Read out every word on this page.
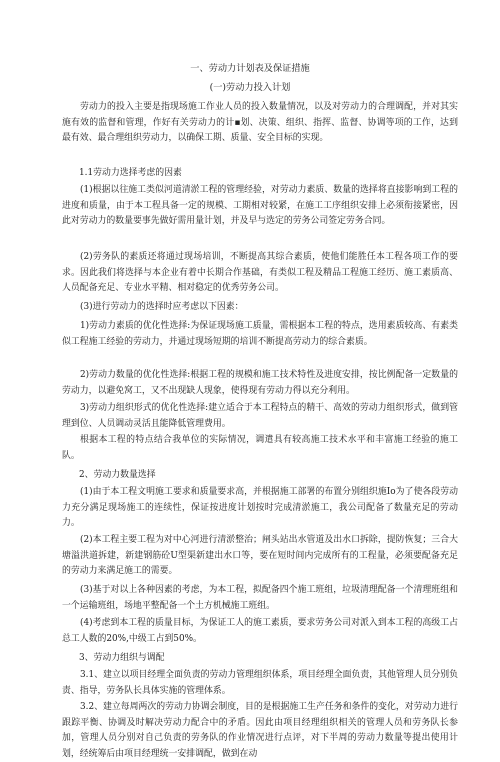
一、劳动力计划表及保证措施
(一)劳动力投入计划
劳动力的投入主要是指现场施工作业人员的投入数量情况，以及对劳动力的合理调配，并对其实施有效的监督和管理，作好有关劳动力的计▪划、决策、组织、指挥、监督、协调等项的工作，达到最有效、最合理组织劳动力，以确保工期、质量、安全目标的实现。
1.1劳动力选择考虑的因素
(1)根据以往施工类似河道清淤工程的管理经验，对劳动力素质、数量的选择将直接影响到工程的进度和质量，由于本工程具备一定的规模、工期相对较紧，在施工工序组织安排上必须衔接紧密，因此对劳动力的数量要事先做好需用量计划，并及早与选定的劳务公司签定劳务合同。
(2)劳务队的素质还将通过现场培训，不断提高其综合素质，使他们能胜任本工程各项工作的要求。因此我们将选择与本企业有着中长期合作基础，有类似工程及精品工程施工经历、施工素质高、人员配备充足、专业水平精、相对稳定的优秀劳务公司。
(3)进行劳动力的选择时应考虑以下因素：
1)劳动力素质的优化性选择:为保证现场施工质量，需根据本工程的特点，选用素质较高、有素类似工程施工经验的劳动力，并通过现场短期的培训不断提高劳动力的综合素质。
2)劳动力数量的优化性选择:根据工程的规模和施工技术特性及进度安排，按比例配备一定数量的劳动力，以避免窝工，又不出现缺人现象，使得现有劳动力得以充分利用。
3)劳动力组织形式的优化性选择:建立适合于本工程特点的精干、高效的劳动力组织形式，做到管理到位、人员调动灵活且能降低管理费用。
根据本工程的特点结合我单位的实际情况，调遣具有较高施工技术水平和丰富施工经验的施工队。
2、劳动力数量选择
(1)由于本工程文明施工要求和质量要求高，并根据施工部署的布置分别组织施Io为了使各段劳动力充分满足现场施工的连续性，保证按进度计划按时完成清淤施工，我公司配备了数量充足的劳动力。
(2)本工程主要工程为对中心河进行清淤整治；闸头站出水管道及出水口拆除，提防恢复；三合大塘溢洪道拆建，新建钢筋砼U型渠新建出水口等，要在短时间内完成所有的工程量，必须要配备充足的劳动力来满足施工的需要。
(3)基于对以上各种因素的考虑，为本工程，拟配备四个施工班组，垃圾清理配备一个清理班组和一个运输班组，场地平整配备一个土方机械施工班组。
(4)考虑到本工程的质量目标，为保证工人的施工素质，要求劳务公司对派入到本工程的高级工占总工人数的20%,中级工占到50%。
3、劳动力组织与调配
3.1、建立以项目经理全面负责的劳动力管理组织体系，项目经理全面负责，其他管理人员分别负责、指导，劳务队长具体实施的管理体系。
3.2、建立每周两次的劳动力协调会制度，目的是根据施工生产任务和条件的变化，对劳动力进行跟踪平衡、协调及时解决劳动力配合中的矛盾。因此由项目经理组织相关的管理人员和劳务队长参加，管理人员分别对自己负责的劳务队的作业情况进行点评，对下半周的劳动力数量等提出使用计划，经统筹后由项目经理统一安排调配，做到在动
